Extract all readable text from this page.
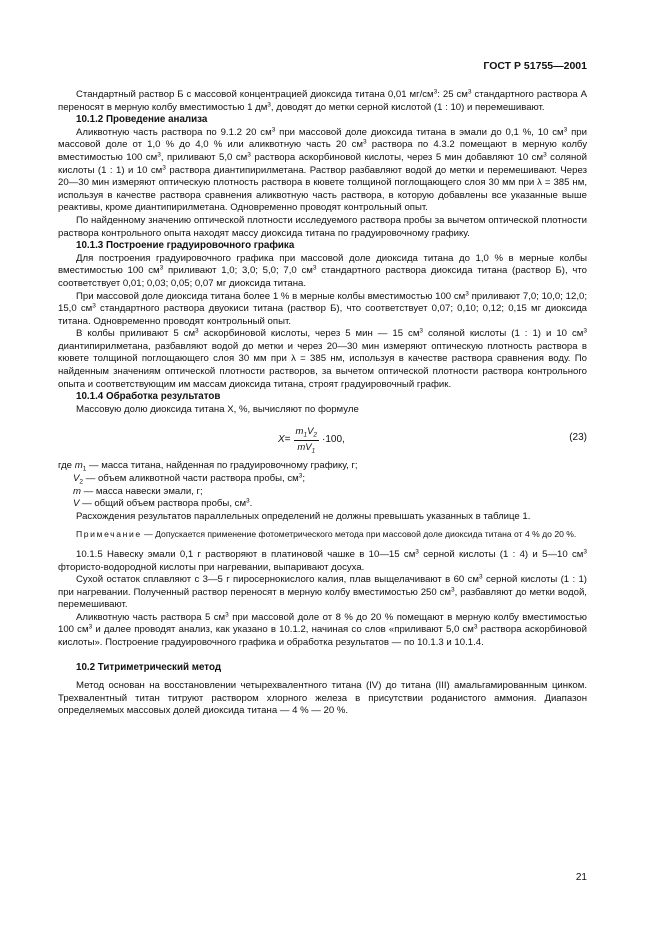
ГОСТ Р 51755—2001

Стандартный раствор Б с массовой концентрацией диоксида титана 0,01 $мг/см^3$: 25 $см^3$ стандартного раствора А переносят в мерную колбу вместимостью 1 $дм^3$, доводят до метки серной кислотой (1 : 10) и перемешивают.

10.1.2 Проведение анализа

Аликвотную часть раствора по 9.1.2 20 $см^3$ при массовой доле диоксида титана в эмали до 0,1 %, 10 $см^3$ при массовой доле от 1,0 % до 4,0 % или аликвотную часть 20 $см^3$ раствора по 4.3.2 помещают в мерную колбу вместимостью 100 $см^3$, приливают 5,0 $см^3$ раствора аскорбиновой кислоты, через 5 мин добавляют 10 $см^3$ соляной кислоты (1 : 1) и 10 $см^3$ раствора диантипирилметана. Раствор разбавляют водой до метки и перемешивают. Через 20—30 мин измеряют оптическую плотность раствора в кювете толщиной поглощающего слоя 30 мм при λ = 385 нм, используя в качестве раствора сравнения аликвотную часть раствора, в которую добавлены все указанные выше реактивы, кроме диантипирилметана. Одновременно проводят контрольный опыт.

По найденному значению оптической плотности исследуемого раствора пробы за вычетом оптической плотности раствора контрольного опыта находят массу диоксида титана по градуировочному графику.

10.1.3 Построение градуировочного графика

Для построения градуировочного графика при массовой доле диоксида титана до 1,0 % в мерные колбы вместимостью 100 $см^3$ приливают 1,0; 3,0; 5,0; 7,0 $см^3$ стандартного раствора диоксида титана (раствор Б), что соответствует 0,01; 0,03; 0,05; 0,07 мг диоксида титана.

При массовой доле диоксида титана более 1 % в мерные колбы вместимостью 100 $см^3$ приливают 7,0; 10,0; 12,0; 15,0 $см^3$ стандартного раствора двуокиси титана (раствор Б), что соответствует 0,07; 0,10; 0,12; 0,15 мг диоксида титана. Одновременно проводят контрольный опыт.

В колбы приливают 5 $см^3$ аскорбиновой кислоты, через 5 мин — 15 $см^3$ соляной кислоты (1 : 1) и 10 $см^3$ диантипирилметана, разбавляют водой до метки и через 20—30 мин измеряют оптическую плотность раствора в кювете толщиной поглощающего слоя 30 мм при λ = 385 нм, используя в качестве раствора сравнения воду. По найденным значениям оптической плотности растворов, за вычетом оптической плотности раствора контрольного опыта и соответствующим им массам диоксида титана, строят градуировочный график.

10.1.4 Обработка результатов

Массовую долю диоксида титана X, %, вычисляют по формуле

$X = \frac{m_1V_2}{mV_1} \cdot 100$,	(23)

где $m_1$ — масса титана, найденная по градуировочному графику, г;

$V_2$ — объем аликвотной части раствора пробы, $см^3$;

m — масса навески эмали, г;

V — общий объем раствора пробы, $см^3$.

Расхождения результатов параллельных определений не должны превышать указанных в таблице 1.

Примечание — Допускается применение фотометрического метода при массовой доле диоксида титана от 4 % до 20 %.

10.1.5 Навеску эмали 0,1 г растворяют в платиновой чашке в 10—15 $см^3$ серной кислоты (1 : 4) и 5—10 $см^3$ фтористо-водородной кислоты при нагревании, выпаривают досуха.

Сухой остаток сплавляют с 3—5 г пиросернокислого калия, плав выщелачивают в 60 $см^3$ серной кислоты (1 : 1) при нагревании. Полученный раствор переносят в мерную колбу вместимостью 250 $см^3$, разбавляют до метки водой, перемешивают.

Аликвотную часть раствора 5 $см^3$ при массовой доле от 8 % до 20 % помещают в мерную колбу вместимостью 100 $см^3$ и далее проводят анализ, как указано в 10.1.2, начиная со слов «приливают 5,0 $см^3$ раствора аскорбиновой кислоты». Построение градуировочного графика и обработка результатов — по 10.1.3 и 10.1.4.

10.2 Титриметрический метод

Метод основан на восстановлении четырехвалентного титана (IV) до титана (III) амальгамированным цинком. Трехвалентный титан титруют раствором хлорного железа в присутствии роданистого аммония. Диапазон определяемых массовых долей диоксида титана — 4 % — 20 %.

21
